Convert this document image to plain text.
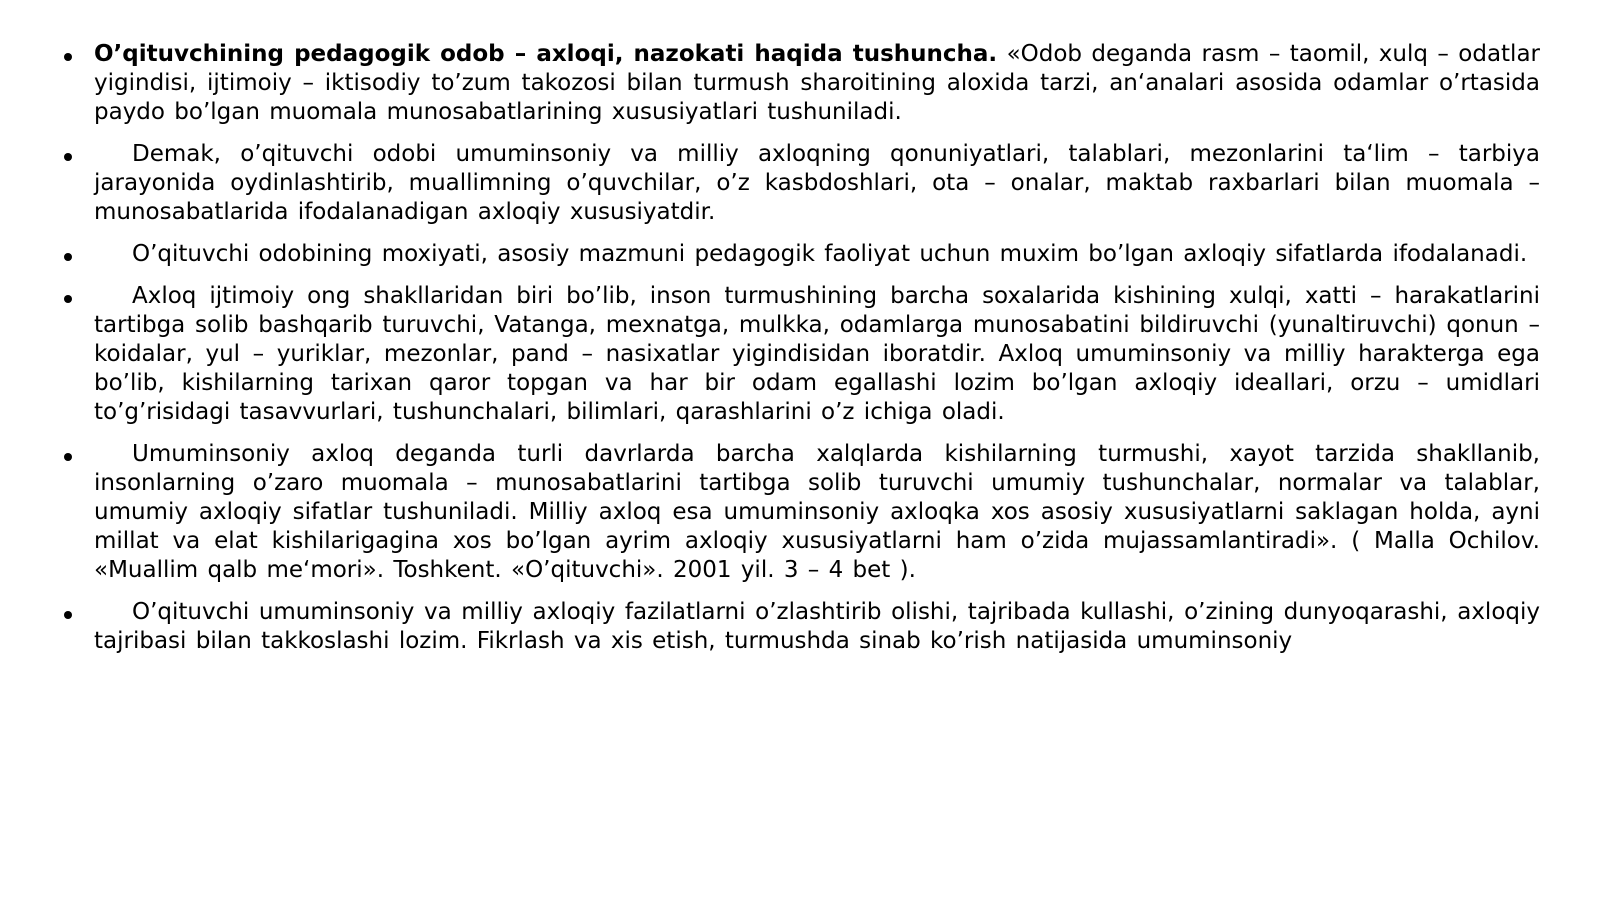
O’qituvchining pedagogik odob – axloqi, nazokati haqida tushuncha. «Odob deganda rasm – taomil, xulq – odatlar yigindisi, ijtimoiy – iktisodiy to’zum takozosi bilan turmush sharoitining aloxida tarzi, an‘analari asosida odamlar o’rtasida paydo bo’lgan muomala munosabatlarining xususiyatlari tushuniladi.
Demak, o’qituvchi odobi umuminsoniy va milliy axloqning qonuniyatlari, talablari, mezonlarini ta‘lim – tarbiya jarayonida oydinlashtirib, muallimning o’quvchilar, o’z kasbdoshlari, ota – onalar, maktab raxbarlari bilan muomala – munosabatlarida ifodalanadigan axloqiy xususiyatdir.
O’qituvchi odobining moxiyati, asosiy mazmuni pedagogik faoliyat uchun muxim bo’lgan axloqiy sifatlarda ifodalanadi.
Axloq ijtimoiy ong shakllaridan biri bo’lib, inson turmushining barcha soxalarida kishining xulqi, xatti – harakatlarini tartibga solib bashqarib turuvchi, Vatanga, mexnatga, mulkka, odamlarga munosabatini bildiruvchi (yunaltiruvchi) qonun – koidalar, yul – yuriklar, mezonlar, pand – nasixatlar yigindisidan iboratdir. Axloq umuminsoniy va milliy harakterga ega bo’lib, kishilarning tarixan qaror topgan va har bir odam egallashi lozim bo’lgan axloqiy ideallari, orzu – umidlari to’g’risidagi tasavvurlari, tushunchalari, bilimlari, qarashlarini o’z ichiga oladi.
Umuminsoniy axloq deganda turli davrlarda barcha xalqlarda kishilarning turmushi, xayot tarzida shakllanib, insonlarning o’zaro muomala – munosabatlarini tartibga solib turuvchi umumiy tushunchalar, normalar va talablar, umumiy axloqiy sifatlar tushuniladi. Milliy axloq esa umuminsoniy axloqka xos asosiy xususiyatlarni saklagan holda, ayni millat va elat kishilarigagina xos bo’lgan ayrim axloqiy xususiyatlarni ham o’zida mujassamlantiradi». ( Malla Ochilov. «Muallim qalb me‘mori». Toshkent. «O’qituvchi». 2001 yil. 3 – 4 bet ).
O’qituvchi umuminsoniy va milliy axloqiy fazilatlarni o’zlashtirib olishi, tajribada kullashi, o’zining dunyoqarashi, axloqiy tajribasi bilan takkoslashi lozim. Fikrlash va xis etish, turmushda sinab ko’rish natijasida umuminsoniy
